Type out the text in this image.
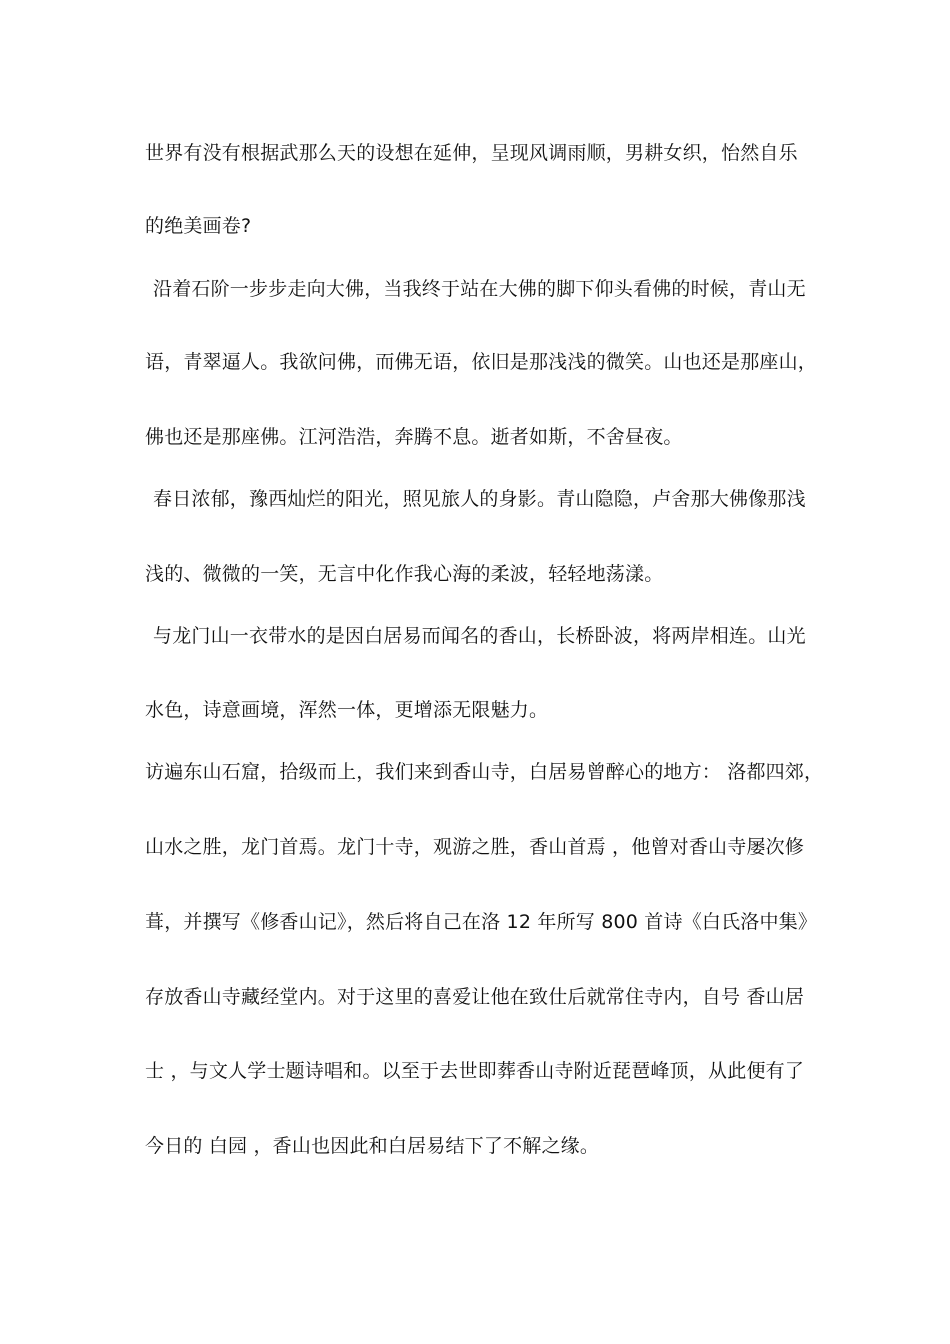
世界有没有根据武那么天的设想在延伸，呈现风调雨顺，男耕女织，怡然自乐
的绝美画卷?
沿着石阶一步步走向大佛，当我终于站在大佛的脚下仰头看佛的时候，青山无
语，青翠逼人。我欲问佛，而佛无语，依旧是那浅浅的微笑。山也还是那座山，
佛也还是那座佛。江河浩浩，奔腾不息。逝者如斯，不舍昼夜。
春日浓郁，豫西灿烂的阳光，照见旅人的身影。青山隐隐，卢舍那大佛像那浅
浅的、微微的一笑，无言中化作我心海的柔波，轻轻地荡漾。
与龙门山一衣带水的是因白居易而闻名的香山，长桥卧波，将两岸相连。山光
水色，诗意画境，浑然一体，更增添无限魅力。
访遍东山石窟，拾级而上，我们来到香山寺，白居易曾醉心的地方： 洛都四郊，
山水之胜，龙门首焉。龙门十寺，观游之胜，香山首焉 ，他曾对香山寺屡次修
葺，并撰写《修香山记》，然后将自己在洛 12 年所写 800 首诗《白氏洛中集》
存放香山寺藏经堂内。对于这里的喜爱让他在致仕后就常住寺内，自号 香山居
士 ，与文人学士题诗唱和。以至于去世即葬香山寺附近琵琶峰顶，从此便有了
今日的 白园 ，香山也因此和白居易结下了不解之缘。
